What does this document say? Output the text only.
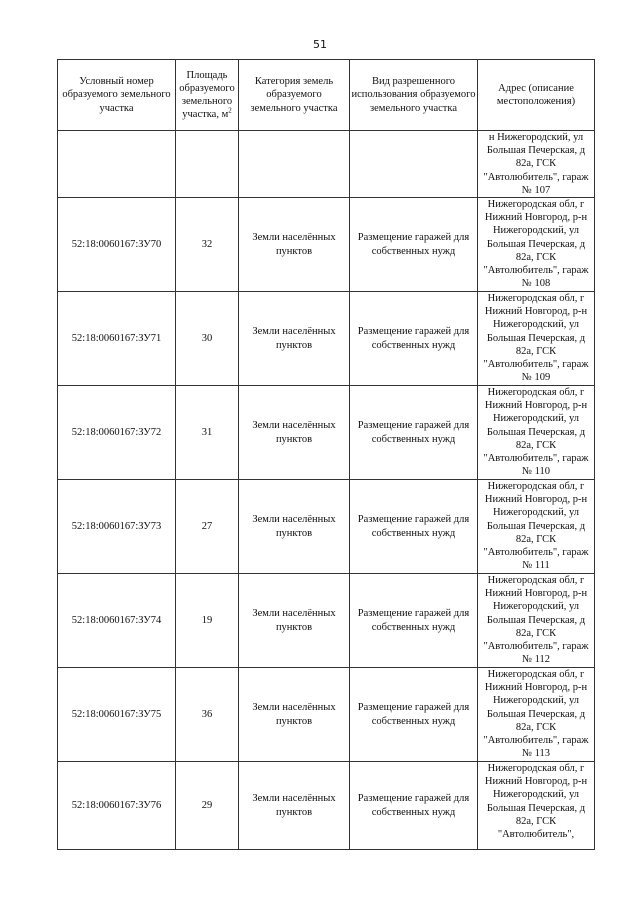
51
Условный номер образуемого земельного участка	Площадь образуемого земельного участка, $м^2$	Категория земель образуемого земельного участка	Вид разрешенного использования образуемого земельного участка	Адрес (описание местоположения)
				н Нижегородский, ул Большая Печерская, д 82а, ГСК "Автолюбитель", гараж № 107
52:18:0060167:ЗУ70	32	Земли населённых пунктов	Размещение гаражей для собственных нужд	Нижегородская обл, г Нижний Новгород, р-н Нижегородский, ул Большая Печерская, д 82а, ГСК "Автолюбитель", гараж № 108
52:18:0060167:ЗУ71	30	Земли населённых пунктов	Размещение гаражей для собственных нужд	Нижегородская обл, г Нижний Новгород, р-н Нижегородский, ул Большая Печерская, д 82а, ГСК "Автолюбитель", гараж № 109
52:18:0060167:ЗУ72	31	Земли населённых пунктов	Размещение гаражей для собственных нужд	Нижегородская обл, г Нижний Новгород, р-н Нижегородский, ул Большая Печерская, д 82а, ГСК "Автолюбитель", гараж № 110
52:18:0060167:ЗУ73	27	Земли населённых пунктов	Размещение гаражей для собственных нужд	Нижегородская обл, г Нижний Новгород, р-н Нижегородский, ул Большая Печерская, д 82а, ГСК "Автолюбитель", гараж № 111
52:18:0060167:ЗУ74	19	Земли населённых пунктов	Размещение гаражей для собственных нужд	Нижегородская обл, г Нижний Новгород, р-н Нижегородский, ул Большая Печерская, д 82а, ГСК "Автолюбитель", гараж № 112
52:18:0060167:ЗУ75	36	Земли населённых пунктов	Размещение гаражей для собственных нужд	Нижегородская обл, г Нижний Новгород, р-н Нижегородский, ул Большая Печерская, д 82а, ГСК "Автолюбитель", гараж № 113
52:18:0060167:ЗУ76	29	Земли населённых пунктов	Размещение гаражей для собственных нужд	Нижегородская обл, г Нижний Новгород, р-н Нижегородский, ул Большая Печерская, д 82а, ГСК "Автолюбитель",
